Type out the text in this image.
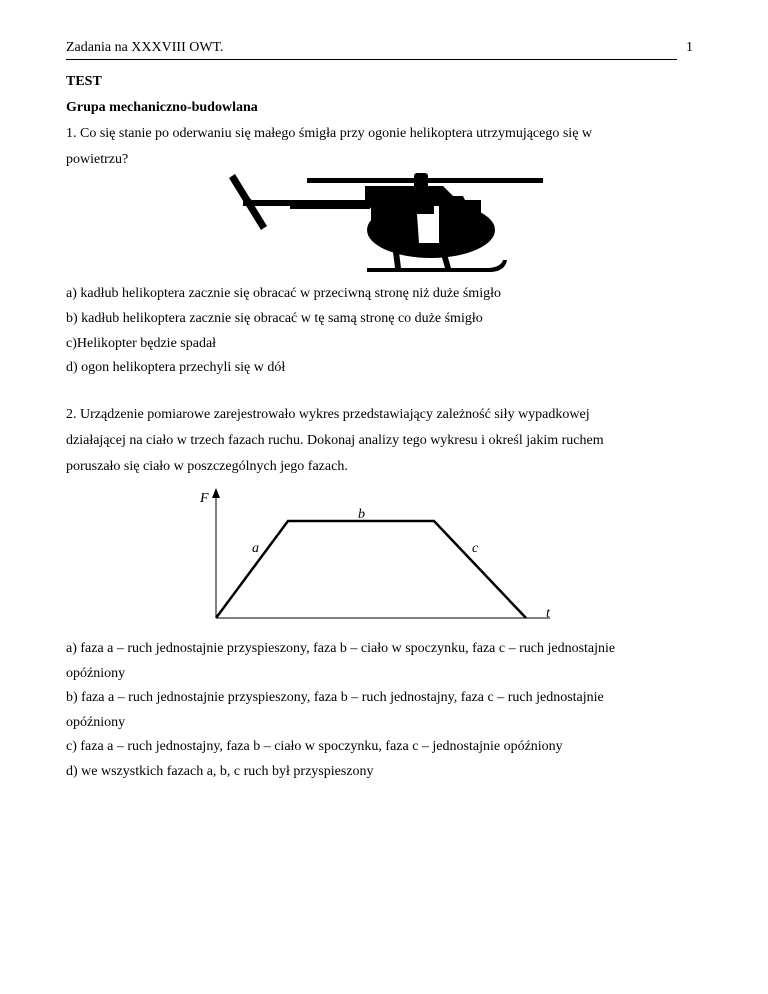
Zadania na XXXVIII OWT.	1
TEST
Grupa mechaniczno-budowlana
1. Co się stanie po oderwaniu się małego śmigła przy ogonie helikoptera utrzymującego się w
powietrzu?
a) kadłub helikoptera zacznie się obracać w przeciwną stronę niż duże śmigło
b) kadłub helikoptera zacznie się obracać w tę samą stronę co duże śmigło
c)Helikopter będzie spadał
d) ogon helikoptera przechyli się w dół
2. Urządzenie pomiarowe zarejestrowało wykres przedstawiający zależność siły wypadkowej
działającej na ciało w trzech fazach ruchu. Dokonaj analizy tego wykresu i określ jakim ruchem
poruszało się ciało w poszczególnych jego fazach.
F
t
a
b
c
a) faza a – ruch jednostajnie przyspieszony, faza b – ciało w spoczynku, faza c – ruch jednostajnie
opóźniony
b) faza a – ruch jednostajnie przyspieszony, faza b – ruch jednostajny, faza c – ruch jednostajnie
opóźniony
c) faza a – ruch jednostajny, faza b – ciało w spoczynku, faza c – jednostajnie opóźniony
d) we wszystkich fazach a, b, c ruch był przyspieszony
